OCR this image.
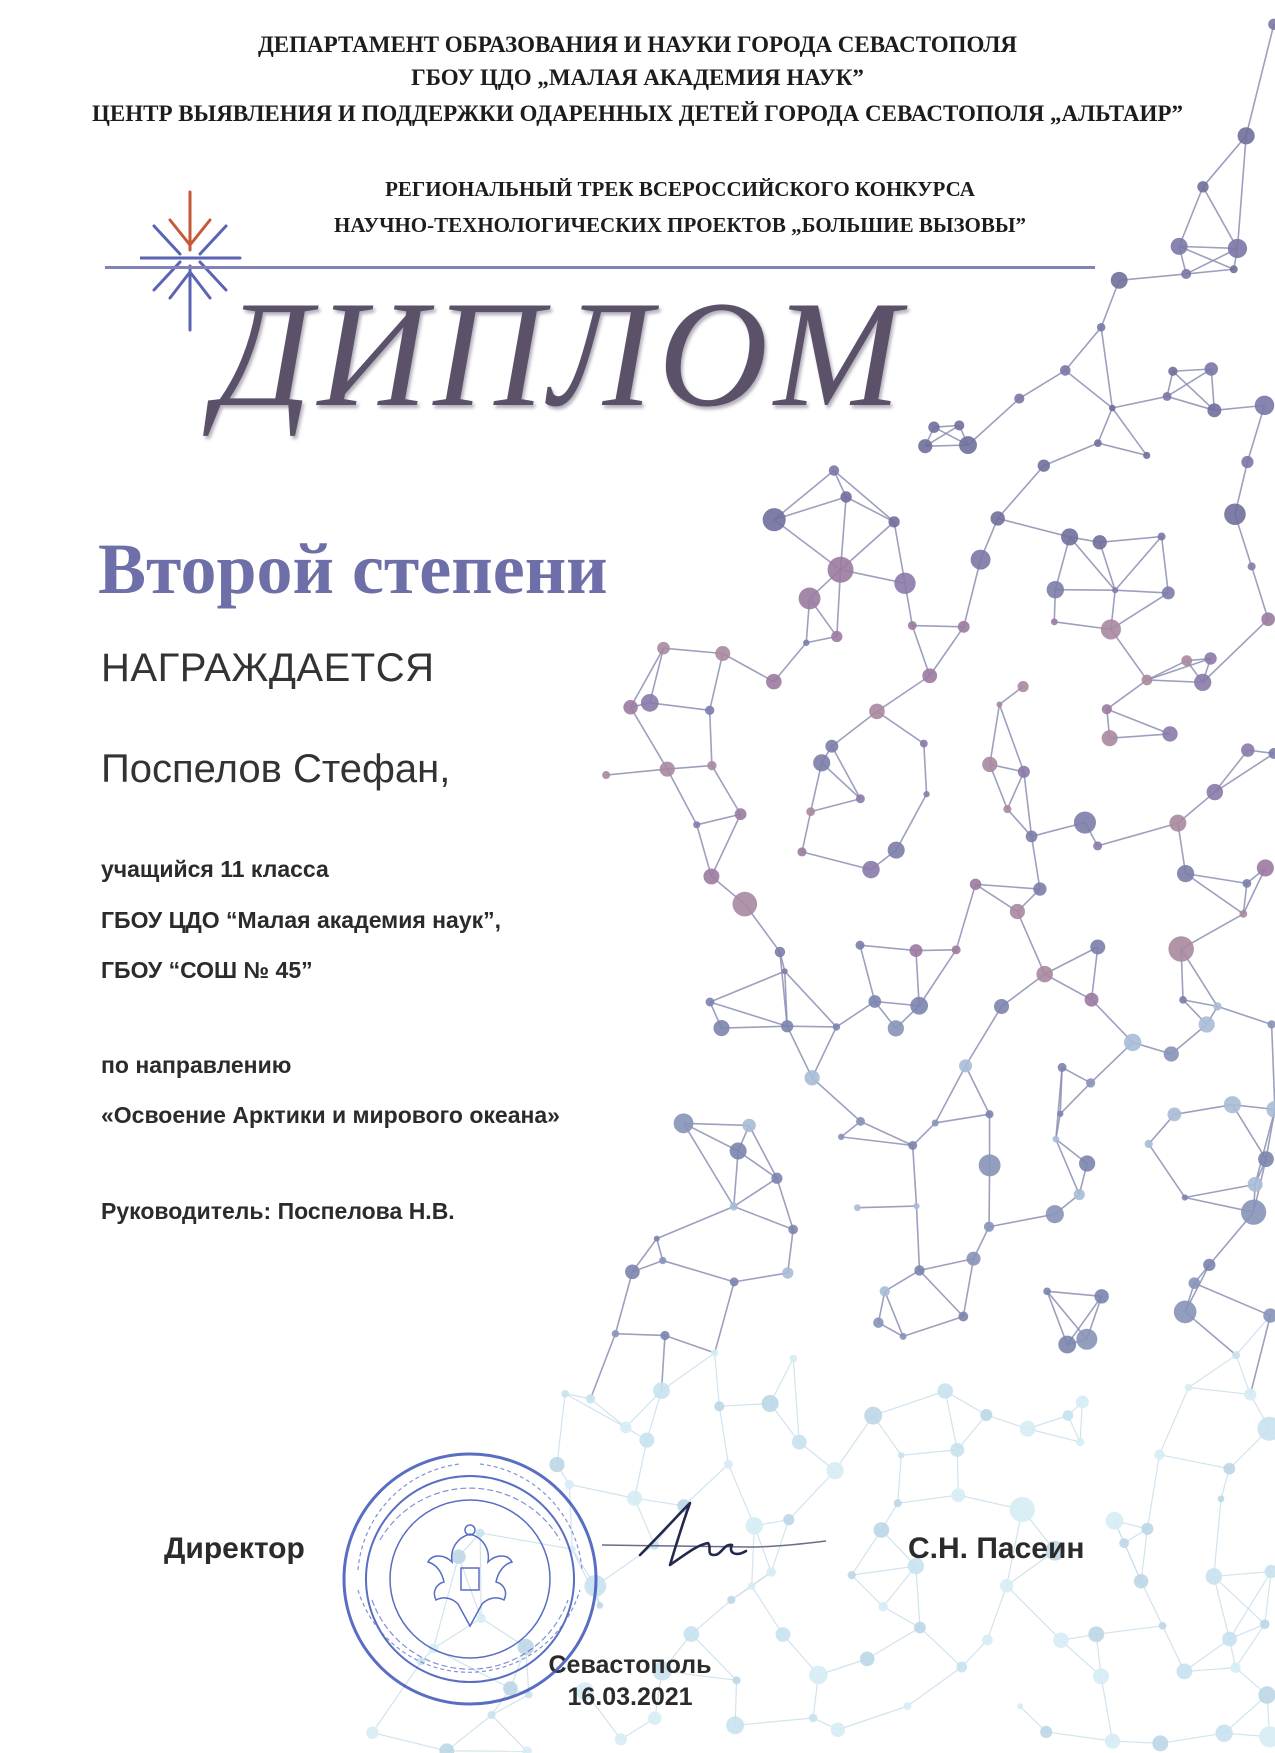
ДЕПАРТАМЕНТ ОБРАЗОВАНИЯ И НАУКИ ГОРОДА СЕВАСТОПОЛЯ
ГБОУ ЦДО „МАЛАЯ АКАДЕМИЯ НАУК”
ЦЕНТР ВЫЯВЛЕНИЯ И ПОДДЕРЖКИ ОДАРЕННЫХ ДЕТЕЙ ГОРОДА СЕВАСТОПОЛЯ „АЛЬТАИР”
РЕГИОНАЛЬНЫЙ ТРЕК ВСЕРОССИЙСКОГО КОНКУРСА
НАУЧНО-ТЕХНОЛОГИЧЕСКИХ ПРОЕКТОВ „БОЛЬШИЕ ВЫЗОВЫ”
ДИПЛОМ
Второй степени
НАГРАЖДАЕТСЯ
Поспелов Стефан,
учащийся 11 класса
ГБОУ ЦДО “Малая академия наук”,
ГБОУ “СОШ № 45”
по направлению
«Освоение Арктики и мирового океана»
Руководитель: Поспелова Н.В.
Директор	С.Н. Пасеин
Севастополь
16.03.2021
